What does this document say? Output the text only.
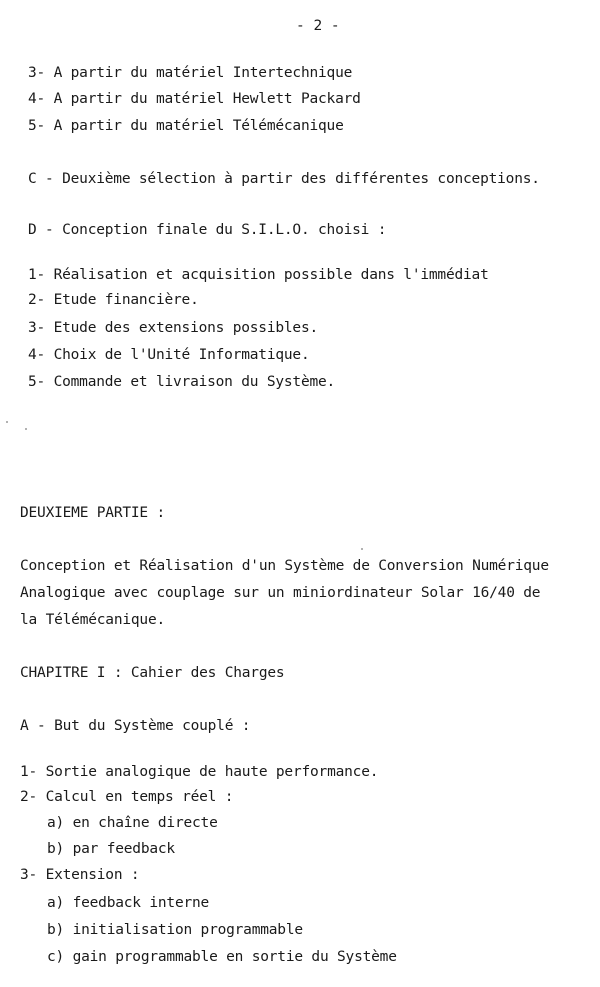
- 2 -
3- A partir du matériel Intertechnique
4- A partir du matériel Hewlett Packard
5- A partir du matériel Télémécanique
C - Deuxième sélection à partir des différentes conceptions.
D - Conception finale du S.I.L.O. choisi :
1- Réalisation et acquisition possible dans l'immédiat
2- Etude financière.
3- Etude des extensions possibles.
4- Choix de l'Unité Informatique.
5- Commande et livraison du Système.
DEUXIEME PARTIE :
Conception et Réalisation d'un Système de Conversion Numérique
Analogique avec couplage sur un miniordinateur Solar 16/40 de
la Télémécanique.
CHAPITRE I : Cahier des Charges
A - But du Système couplé :
1- Sortie analogique de haute performance.
2- Calcul en temps réel :
a) en chaîne directe
b) par feedback
3- Extension :
a) feedback interne
b) initialisation programmable
c) gain programmable en sortie du Système
